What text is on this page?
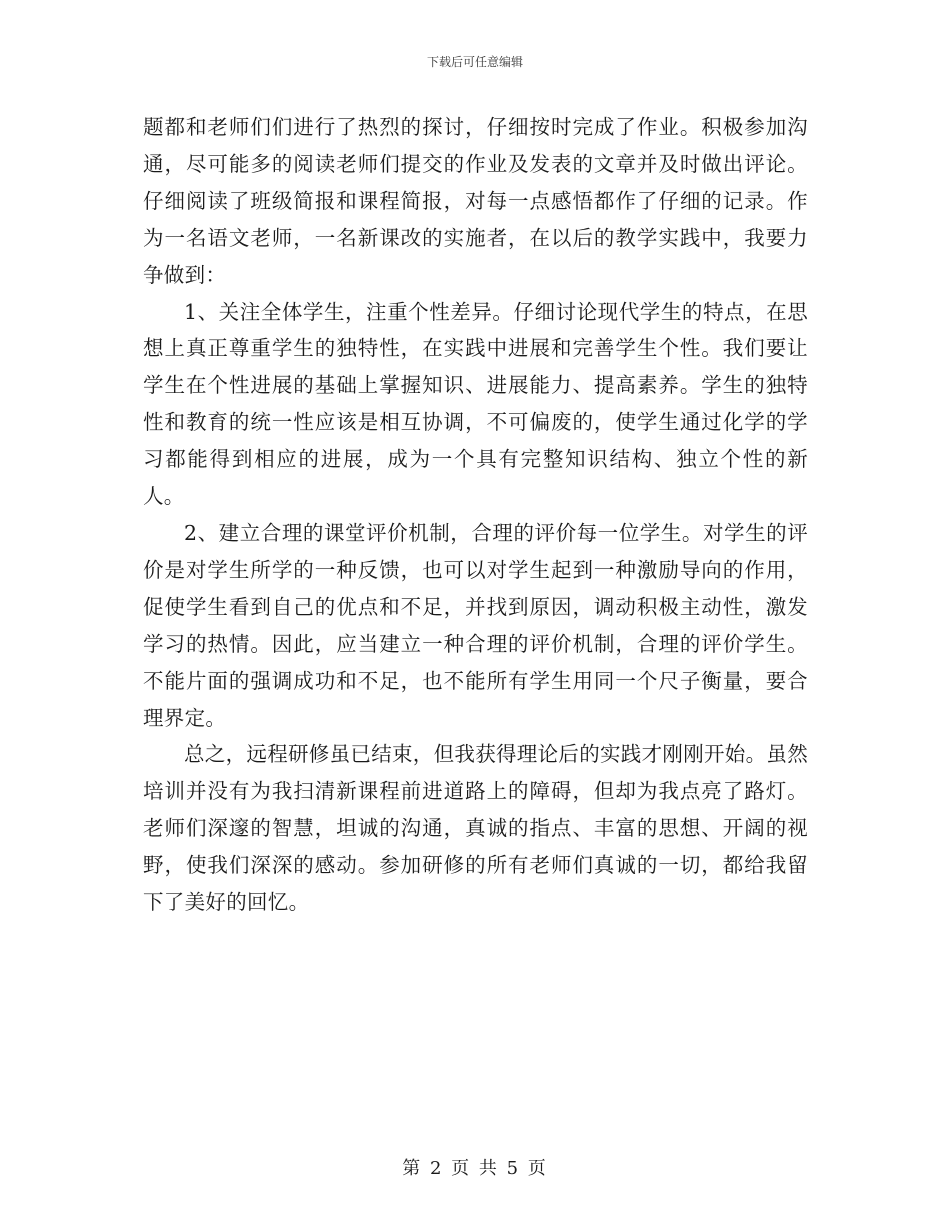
下载后可任意编辑

题都和老师们们进行了热烈的探讨，仔细按时完成了作业。积极参加沟通，尽可能多的阅读老师们提交的作业及发表的文章并及时做出评论。仔细阅读了班级简报和课程简报，对每一点感悟都作了仔细的记录。作为一名语文老师，一名新课改的实施者，在以后的教学实践中，我要力争做到：

1、关注全体学生，注重个性差异。仔细讨论现代学生的特点，在思想上真正尊重学生的独特性，在实践中进展和完善学生个性。我们要让学生在个性进展的基础上掌握知识、进展能力、提高素养。学生的独特性和教育的统一性应该是相互协调，不可偏废的，使学生通过化学的学习都能得到相应的进展，成为一个具有完整知识结构、独立个性的新人。

2、建立合理的课堂评价机制，合理的评价每一位学生。对学生的评价是对学生所学的一种反馈，也可以对学生起到一种激励导向的作用，促使学生看到自己的优点和不足，并找到原因，调动积极主动性，激发学习的热情。因此，应当建立一种合理的评价机制，合理的评价学生。不能片面的强调成功和不足，也不能所有学生用同一个尺子衡量，要合理界定。

总之，远程研修虽已结束，但我获得理论后的实践才刚刚开始。虽然培训并没有为我扫清新课程前进道路上的障碍，但却为我点亮了路灯。老师们深邃的智慧，坦诚的沟通，真诚的指点、丰富的思想、开阔的视野，使我们深深的感动。参加研修的所有老师们真诚的一切，都给我留下了美好的回忆。

第 2 页 共 5 页
